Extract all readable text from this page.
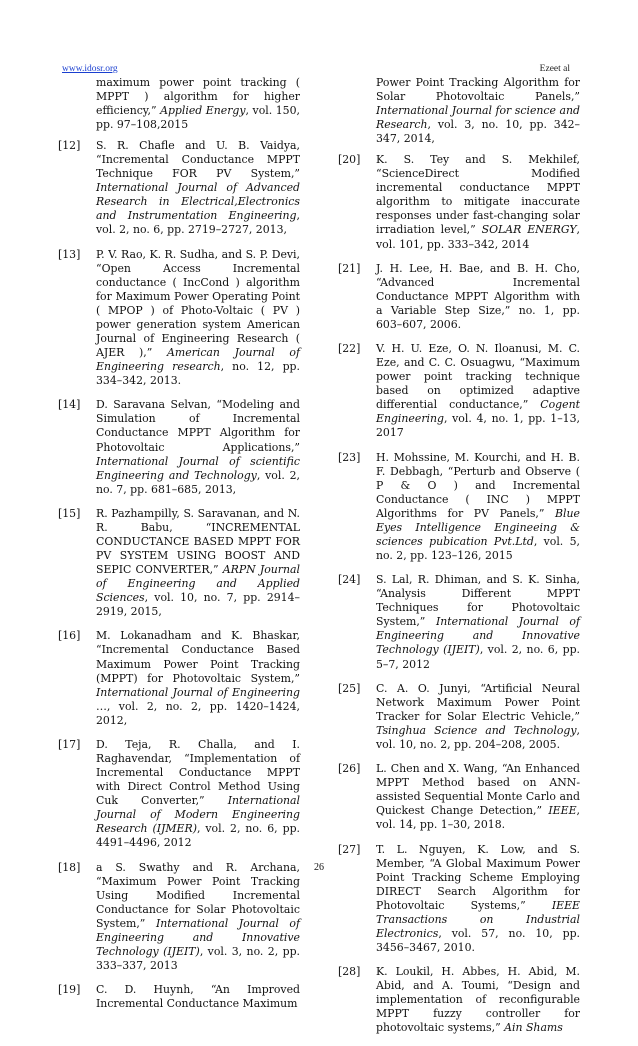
www.idosr.org	Ezeet al
maximum power point tracking ( MPPT ) algorithm for higher efficiency,” Applied Energy, vol. 150, pp. 97–108,2015
[12]	S. R. Chafle and U. B. Vaidya, “Incremental Conductance MPPT Technique FOR PV System,” International Journal of Advanced Research in Electrical,Electronics and Instrumentation Engineering, vol. 2, no. 6, pp. 2719–2727, 2013,
[13]	P. V. Rao, K. R. Sudha, and S. P. Devi, “Open Access Incremental conductance ( IncCond ) algorithm for Maximum Power Operating Point ( MPOP ) of Photo-Voltaic ( PV ) power generation system American Journal of Engineering Research ( AJER ),” American Journal of Engineering research, no. 12, pp. 334–342, 2013.
[14]	D. Saravana Selvan, “Modeling and Simulation of Incremental Conductance MPPT Algorithm for Photovoltaic Applications,” International Journal of scientific Engineering and Technology, vol. 2, no. 7, pp. 681–685, 2013,
[15]	R. Pazhampilly, S. Saravanan, and N. R. Babu, “INCREMENTAL CONDUCTANCE BASED MPPT FOR PV SYSTEM USING BOOST AND SEPIC CONVERTER,” ARPN Journal of Engineering and Applied Sciences, vol. 10, no. 7, pp. 2914–2919, 2015,
[16]	M. Lokanadham and K. Bhaskar, “Incremental Conductance Based Maximum Power Point Tracking (MPPT) for Photovoltaic System,” International Journal of Engineering …, vol. 2, no. 2, pp. 1420–1424, 2012,
[17]	D. Teja, R. Challa, and I. Raghavendar, “Implementation of Incremental Conductance MPPT with Direct Control Method Using Cuk Converter,” International Journal of Modern Engineering Research (IJMER), vol. 2, no. 6, pp. 4491–4496, 2012
[18]	a S. Swathy and R. Archana, “Maximum Power Point Tracking Using Modified Incremental Conductance for Solar Photovoltaic System,” International Journal of Engineering and Innovative Technology (IJEIT), vol. 3, no. 2, pp. 333–337, 2013
[19]	C. D. Huynh, “An Improved Incremental Conductance Maximum
Power Point Tracking Algorithm for Solar Photovoltaic Panels,” International Journal for science and Research, vol. 3, no. 10, pp. 342–347, 2014,
[20]	K. S. Tey and S. Mekhilef, “ScienceDirect Modified incremental conductance MPPT algorithm to mitigate inaccurate responses under fast-changing solar irradiation level,” SOLAR ENERGY, vol. 101, pp. 333–342, 2014
[21]	J. H. Lee, H. Bae, and B. H. Cho, “Advanced Incremental Conductance MPPT Algorithm with a Variable Step Size,” no. 1, pp. 603–607, 2006.
[22]	V. H. U. Eze, O. N. Iloanusi, M. C. Eze, and C. C. Osuagwu, “Maximum power point tracking technique based on optimized adaptive differential conductance,” Cogent Engineering, vol. 4, no. 1, pp. 1–13, 2017
[23]	H. Mohssine, M. Kourchi, and H. B. F. Debbagh, “Perturb and Observe ( P & O ) and Incremental Conductance ( INC ) MPPT Algorithms for PV Panels,” Blue Eyes Intelligence Engineeing & sciences pubication Pvt.Ltd, vol. 5, no. 2, pp. 123–126, 2015
[24]	S. Lal, R. Dhiman, and S. K. Sinha, “Analysis Different MPPT Techniques for Photovoltaic System,” International Journal of Engineering and Innovative Technology (IJEIT), vol. 2, no. 6, pp. 5–7, 2012
[25]	C. A. O. Junyi, “Artificial Neural Network Maximum Power Point Tracker for Solar Electric Vehicle,” Tsinghua Science and Technology, vol. 10, no. 2, pp. 204–208, 2005.
[26]	L. Chen and X. Wang, “An Enhanced MPPT Method based on ANN-assisted Sequential Monte Carlo and Quickest Change Detection,” IEEE, vol. 14, pp. 1–30, 2018.
[27]	T. L. Nguyen, K. Low, and S. Member, “A Global Maximum Power Point Tracking Scheme Employing DIRECT Search Algorithm for Photovoltaic Systems,” IEEE Transactions on Industrial Electronics, vol. 57, no. 10, pp. 3456–3467, 2010.
[28]	K. Loukil, H. Abbes, H. Abid, M. Abid, and A. Toumi, “Design and implementation of reconfigurable MPPT fuzzy controller for photovoltaic systems,” Ain Shams
26
